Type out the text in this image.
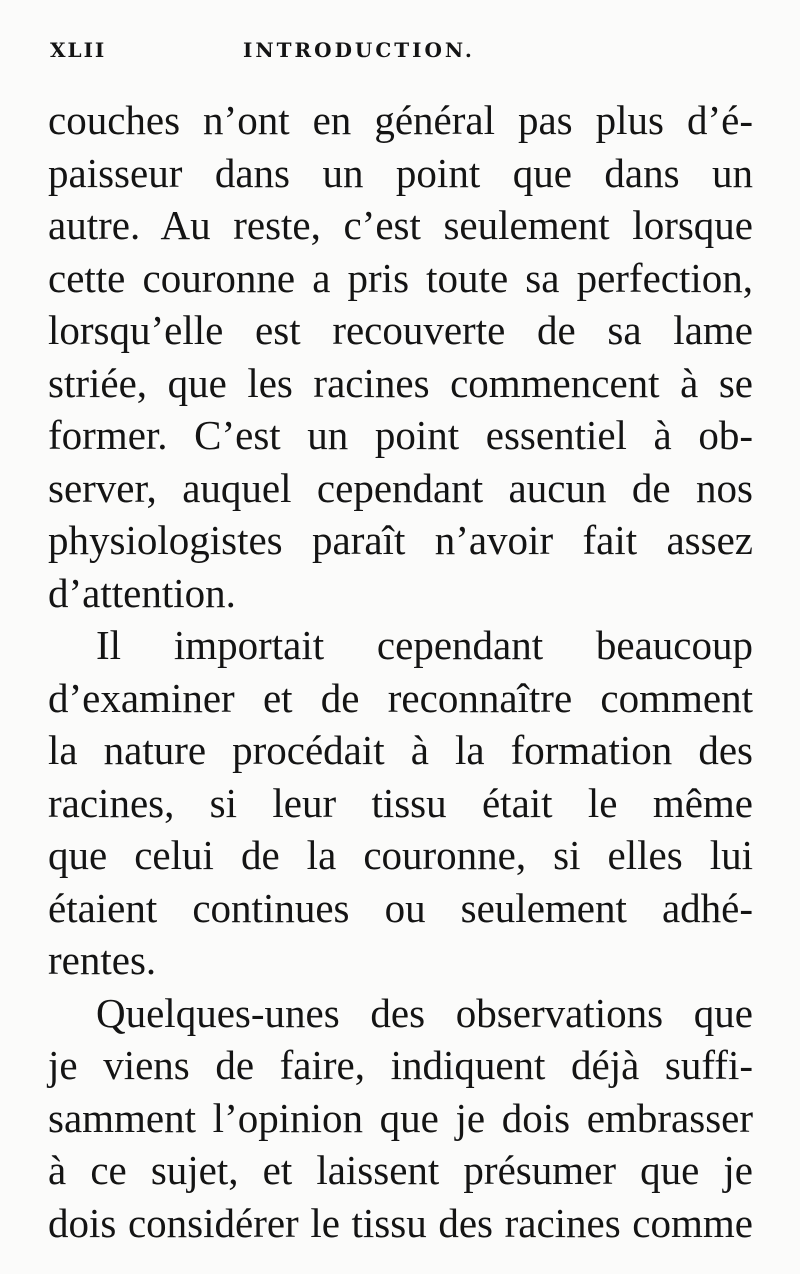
XLII	INTRODUCTION.
couches n’ont en général pas plus d’é-
paisseur dans un point que dans un
autre. Au reste, c’est seulement lorsque
cette couronne a pris toute sa perfection,
lorsqu’elle est recouverte de sa lame
striée, que les racines commencent à se
former. C’est un point essentiel à ob-
server, auquel cependant aucun de nos
physiologistes paraît n’avoir fait assez
d’attention.
Il importait cependant beaucoup
d’examiner et de reconnaître comment
la nature procédait à la formation des
racines, si leur tissu était le même
que celui de la couronne, si elles lui
étaient continues ou seulement adhé-
rentes.
Quelques-unes des observations que
je viens de faire, indiquent déjà suffi-
samment l’opinion que je dois embrasser
à ce sujet, et laissent présumer que je
dois considérer le tissu des racines comme
